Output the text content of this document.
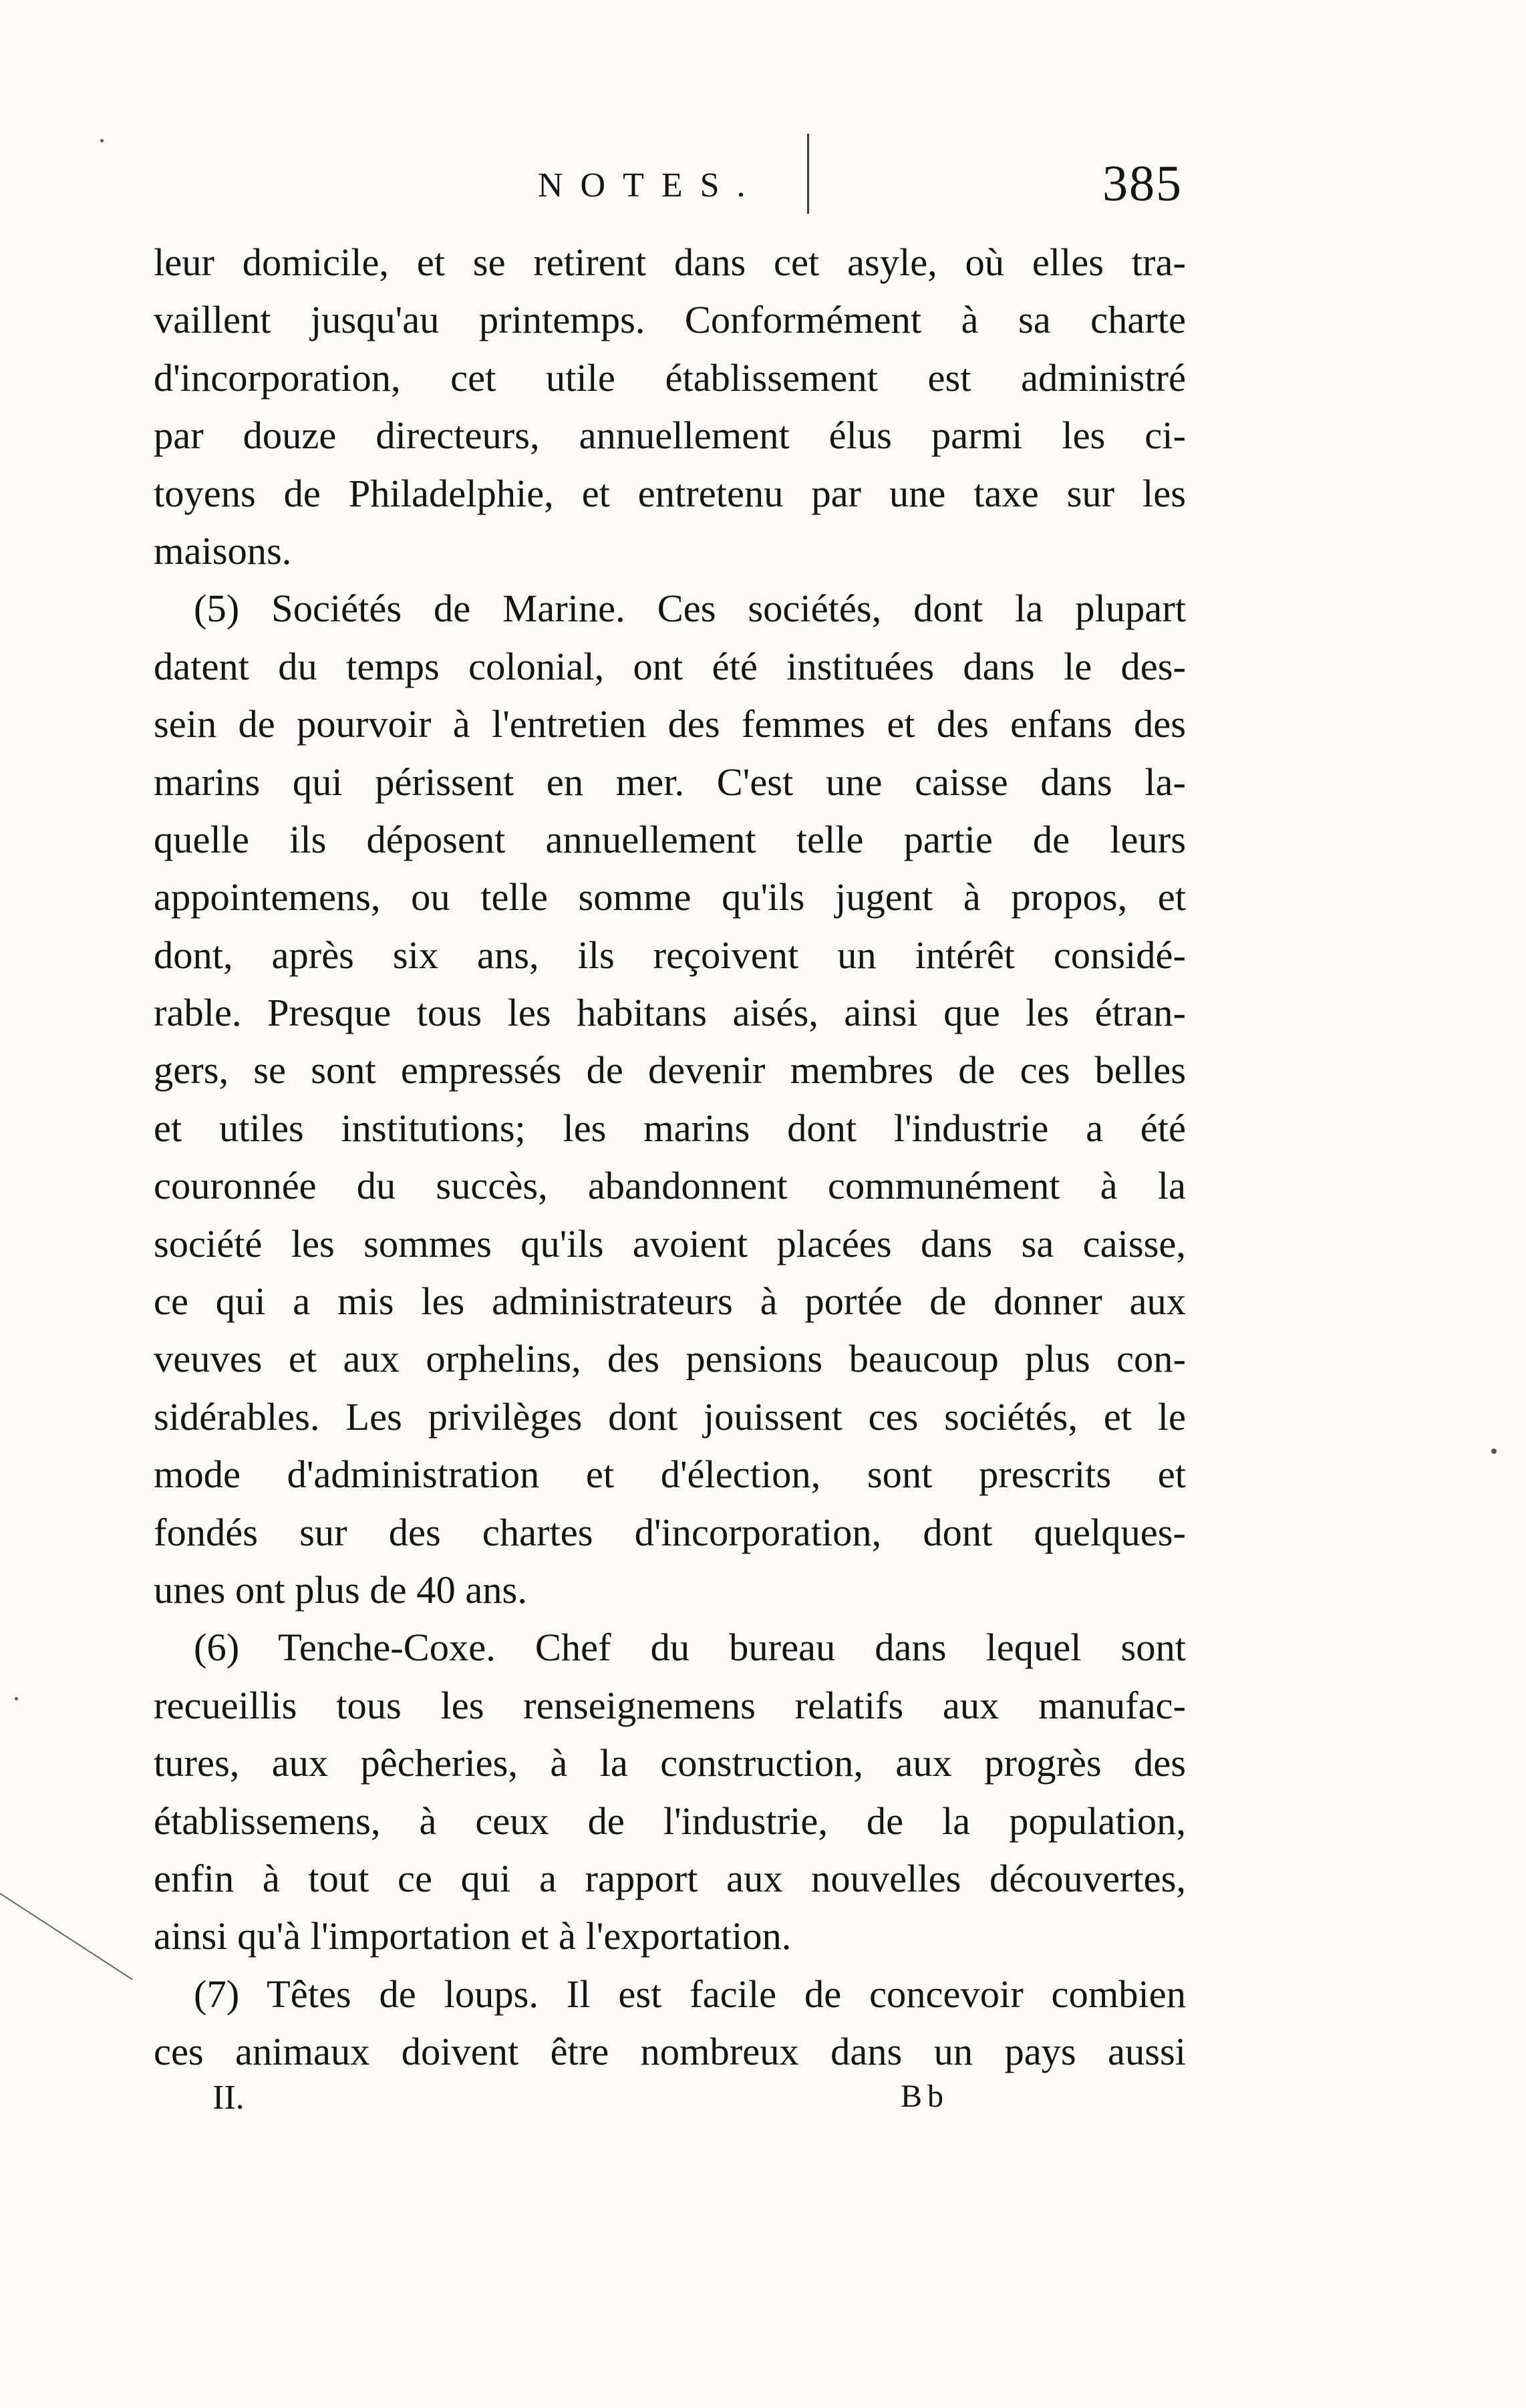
NOTES.	385
leur domicile, et se retirent dans cet asyle, où elles tra-
vaillent jusqu'au printemps. Conformément à sa charte
d'incorporation, cet utile établissement est administré
par douze directeurs, annuellement élus parmi les ci-
toyens de Philadelphie, et entretenu par une taxe sur les
maisons.
(5) Sociétés de Marine. Ces sociétés, dont la plupart
datent du temps colonial, ont été instituées dans le des-
sein de pourvoir à l'entretien des femmes et des enfans des
marins qui périssent en mer. C'est une caisse dans la-
quelle ils déposent annuellement telle partie de leurs
appointemens, ou telle somme qu'ils jugent à propos, et
dont, après six ans, ils reçoivent un intérêt considé-
rable. Presque tous les habitans aisés, ainsi que les étran-
gers, se sont empressés de devenir membres de ces belles
et utiles institutions; les marins dont l'industrie a été
couronnée du succès, abandonnent communément à la
société les sommes qu'ils avoient placées dans sa caisse,
ce qui a mis les administrateurs à portée de donner aux
veuves et aux orphelins, des pensions beaucoup plus con-
sidérables. Les privilèges dont jouissent ces sociétés, et le
mode d'administration et d'élection, sont prescrits et
fondés sur des chartes d'incorporation, dont quelques-
unes ont plus de 40 ans.
(6) Tenche-Coxe. Chef du bureau dans lequel sont
recueillis tous les renseignemens relatifs aux manufac-
tures, aux pêcheries, à la construction, aux progrès des
établissemens, à ceux de l'industrie, de la population,
enfin à tout ce qui a rapport aux nouvelles découvertes,
ainsi qu'à l'importation et à l'exportation.
(7) Têtes de loups. Il est facile de concevoir combien
ces animaux doivent être nombreux dans un pays aussi
II.	Bb
